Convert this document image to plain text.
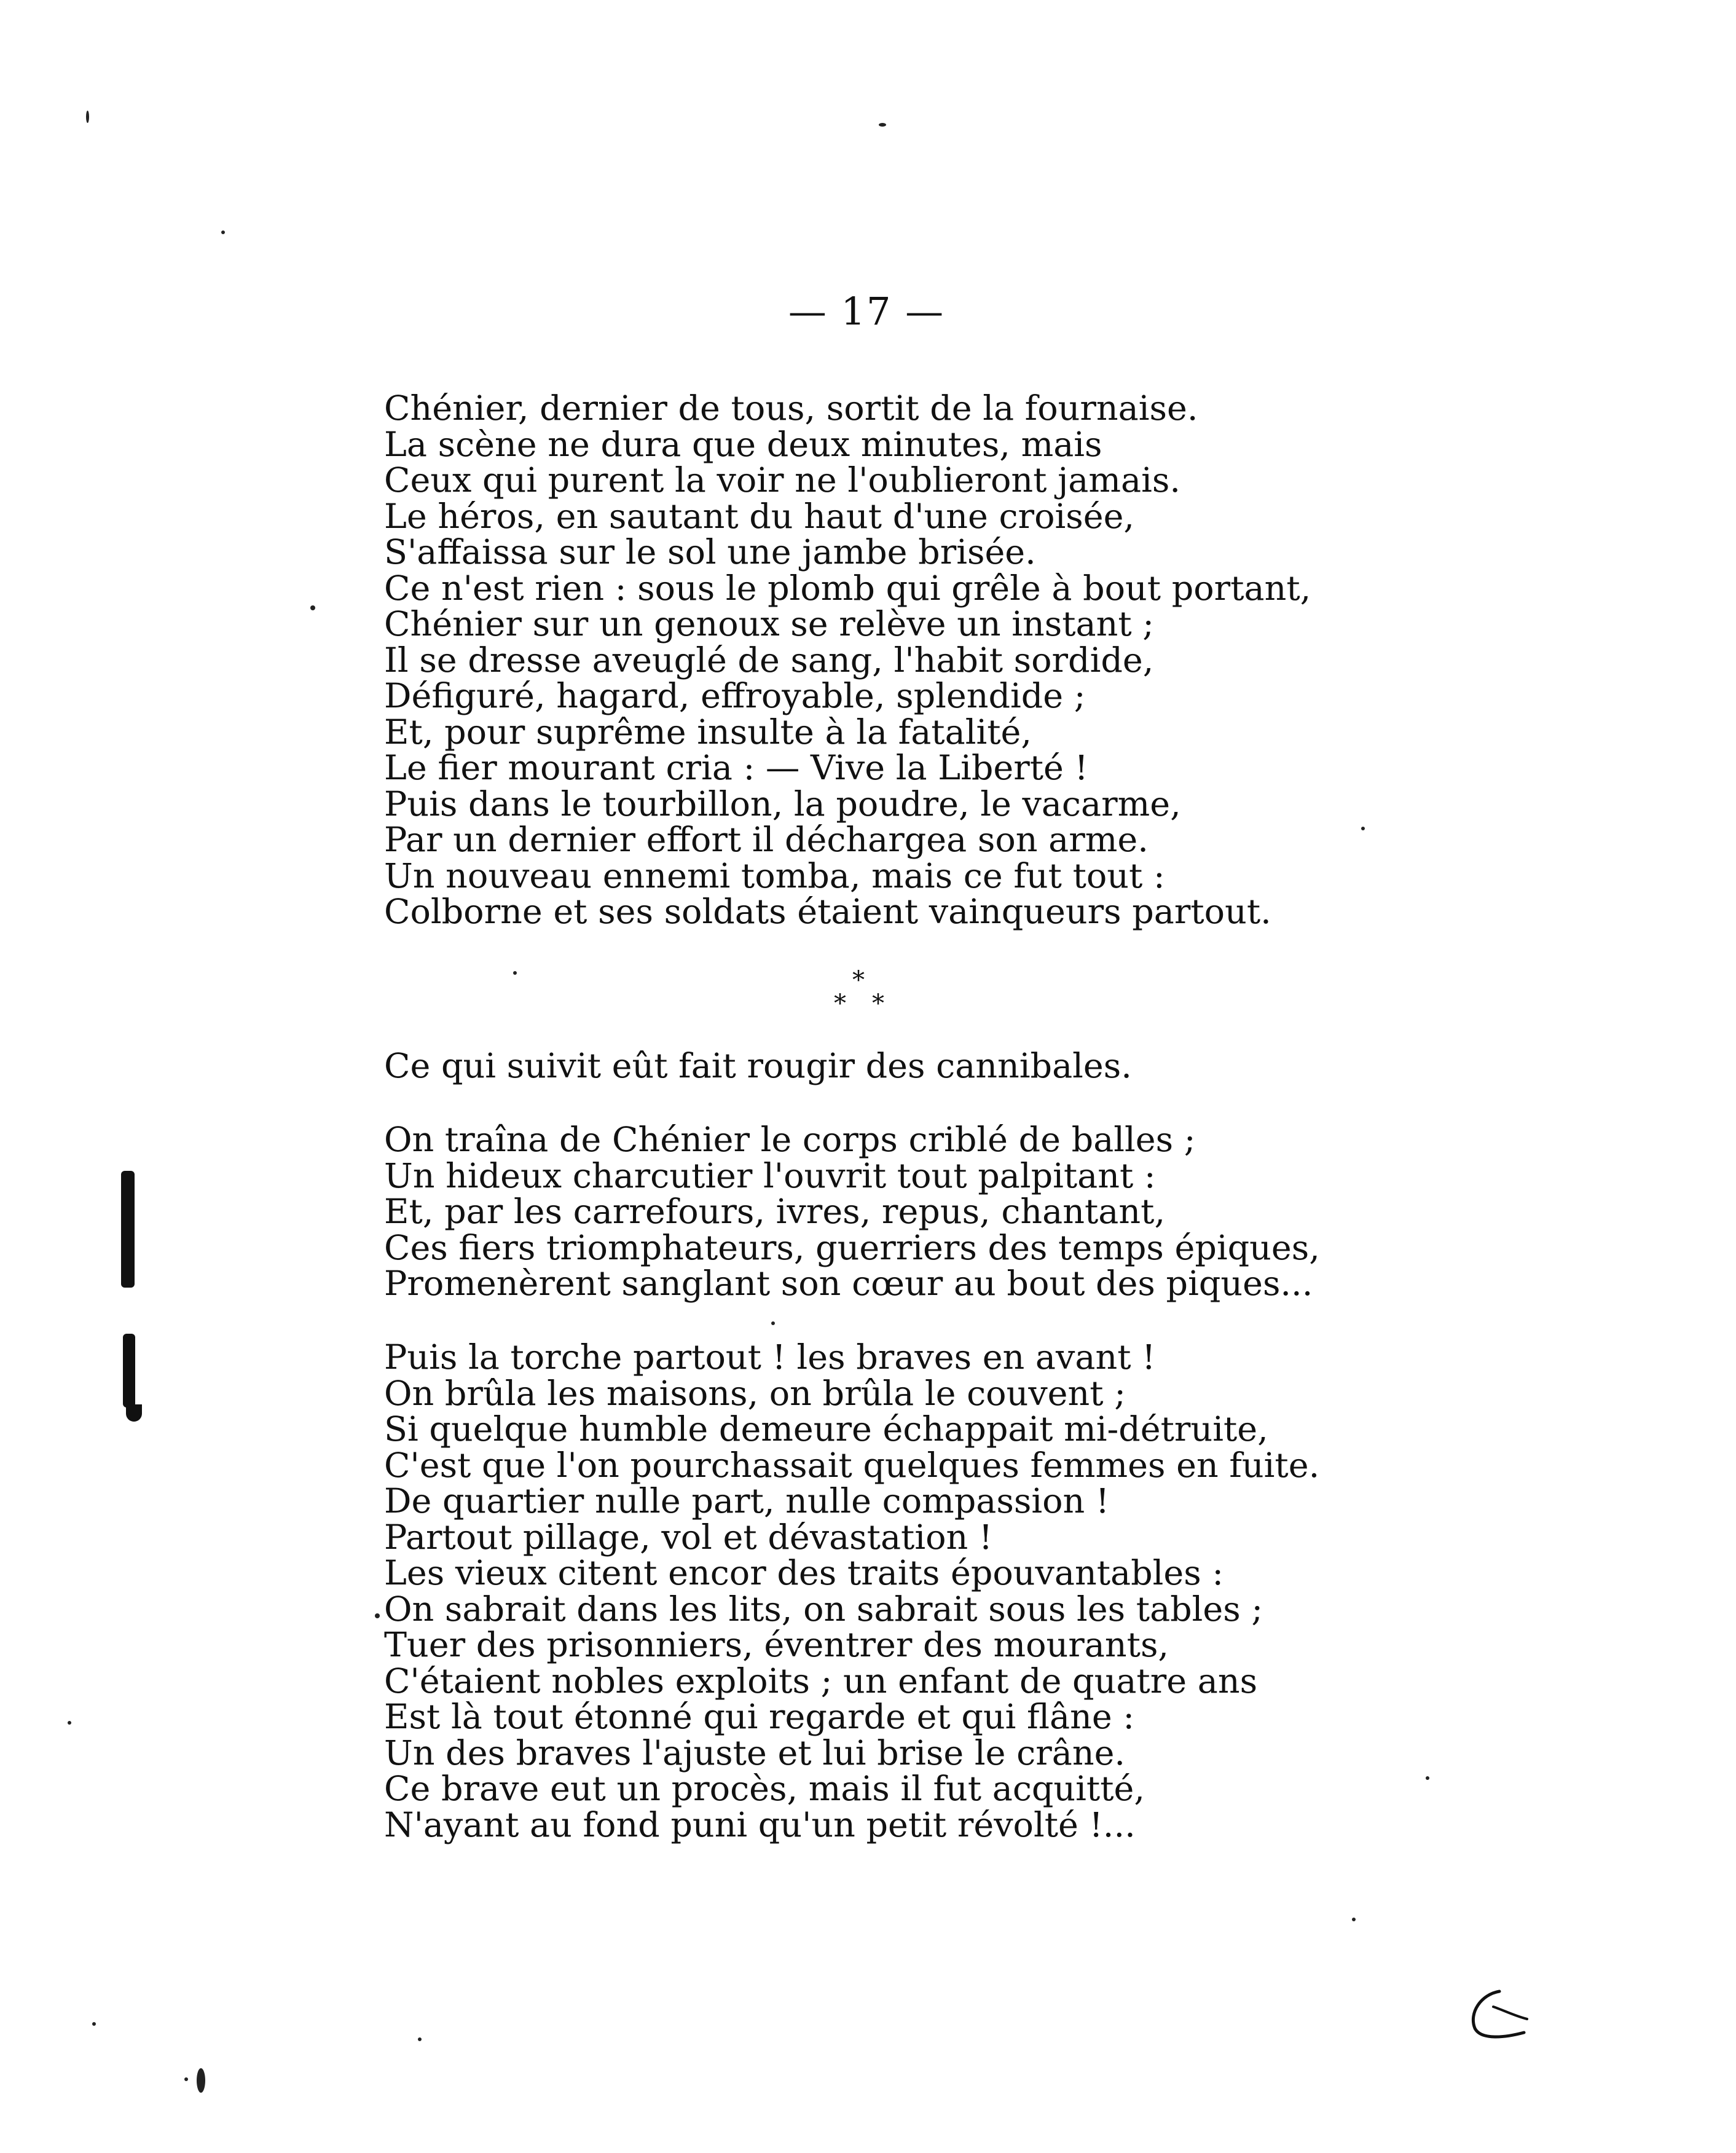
— 17 —
Chénier, dernier de tous, sortit de la fournaise.
La scène ne dura que deux minutes, mais
Ceux qui purent la voir ne l'oublieront jamais.
Le héros, en sautant du haut d'une croisée,
S'affaissa sur le sol une jambe brisée.
Ce n'est rien : sous le plomb qui grêle à bout portant,
Chénier sur un genoux se relève un instant ;
Il se dresse aveuglé de sang, l'habit sordide,
Défiguré, hagard, effroyable, splendide ;
Et, pour suprême insulte à la fatalité,
Le fier mourant cria : — Vive la Liberté !
Puis dans le tourbillon, la poudre, le vacarme,
Par un dernier effort il déchargea son arme.
Un nouveau ennemi tomba, mais ce fut tout :
Colborne et ses soldats étaient vainqueurs partout.
*
* *
Ce qui suivit eût fait rougir des cannibales.
On traîna de Chénier le corps criblé de balles ;
Un hideux charcutier l'ouvrit tout palpitant :
Et, par les carrefours, ivres, repus, chantant,
Ces fiers triomphateurs, guerriers des temps épiques,
Promenèrent sanglant son cœur au bout des piques...
Puis la torche partout ! les braves en avant !
On brûla les maisons, on brûla le couvent ;
Si quelque humble demeure échappait mi-détruite,
C'est que l'on pourchassait quelques femmes en fuite.
De quartier nulle part, nulle compassion !
Partout pillage, vol et dévastation !
Les vieux citent encor des traits épouvantables :
On sabrait dans les lits, on sabrait sous les tables ;
Tuer des prisonniers, éventrer des mourants,
C'étaient nobles exploits ; un enfant de quatre ans
Est là tout étonné qui regarde et qui flâne :
Un des braves l'ajuste et lui brise le crâne.
Ce brave eut un procès, mais il fut acquitté,
N'ayant au fond puni qu'un petit révolté !...
